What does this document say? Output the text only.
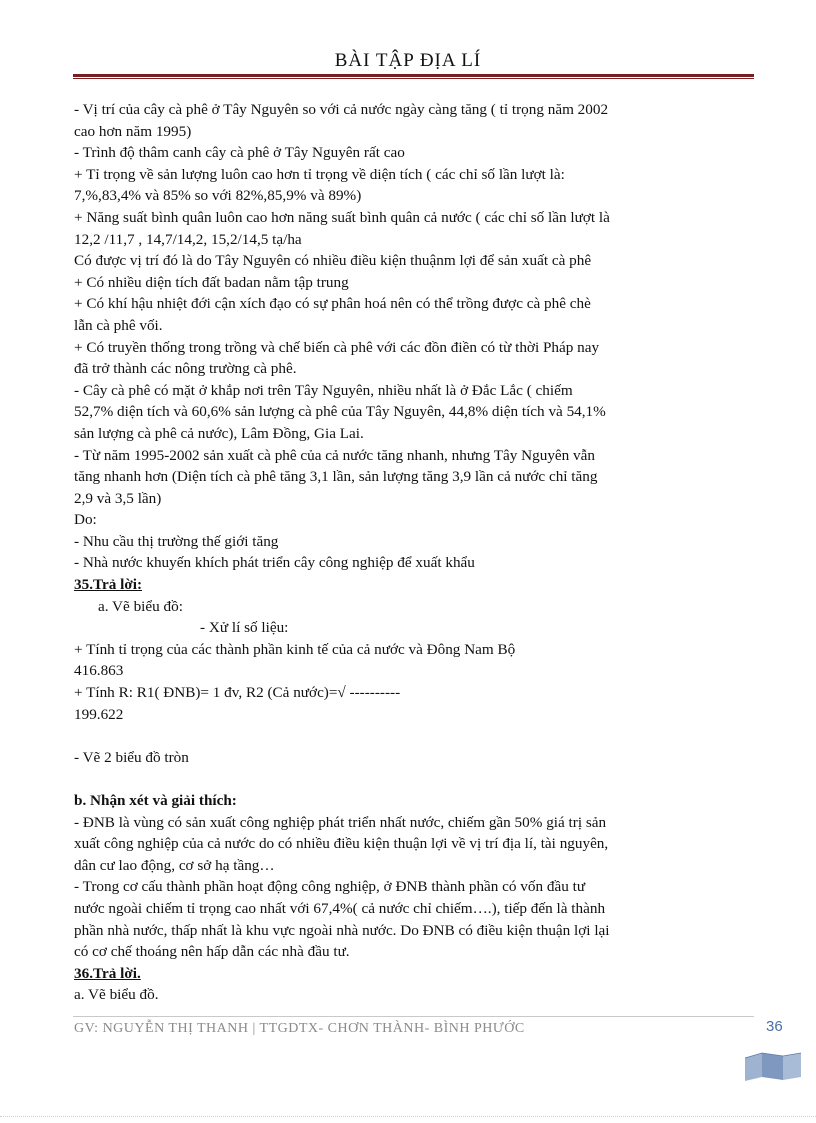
BÀI TẬP ĐỊA LÍ
- Vị trí của cây cà phê ở Tây Nguyên so với cả nước ngày càng tăng ( tỉ trọng năm 2002
cao hơn năm 1995)
- Trình độ thâm canh cây cà phê ở Tây Nguyên rất cao
+ Tỉ trọng về sản lượng luôn cao hơn tỉ trọng về diện tích ( các chỉ số lần lượt là:
7,%,83,4% và 85% so với 82%,85,9% và 89%)
+ Năng suất bình quân luôn cao hơn năng suất bình quân cả nước ( các chỉ số lần lượt là
12,2 /11,7 , 14,7/14,2, 15,2/14,5 tạ/ha
Có được vị trí đó là do Tây Nguyên có nhiều điều kiện thuậnm lợi để sản xuất cà phê
+ Có nhiều diện tích đất badan nằm tập trung
+ Có khí hậu nhiệt đới cận xích đạo có sự phân hoá nên có thể trồng được cà phê chè
lẫn cà phê vối.
+ Có truyền thống trong trồng và chế biến cà phê với các đồn điền có từ thời Pháp nay
đã trở thành các nông trường cà phê.
- Cây cà phê có mặt ở khắp nơi trên Tây Nguyên, nhiều nhất là ở Đắc Lắc ( chiếm
52,7% diện tích và 60,6% sản lượng cà phê của Tây Nguyên, 44,8% diện tích và 54,1%
sản lượng cà phê cả nước), Lâm Đồng, Gia Lai.
- Từ năm 1995-2002 sản xuất cà phê của cả nước tăng nhanh, nhưng Tây Nguyên vẫn
tăng nhanh hơn (Diện tích cà phê tăng 3,1 lần, sản lượng tăng 3,9 lần cả nước chỉ tăng
2,9 và 3,5 lần)
Do:
- Nhu cầu thị trường thế giới tăng
- Nhà nước khuyến khích phát triển cây công nghiệp để xuất khẩu
35.Trả lời:
a. Vẽ biểu đồ:
- Xử lí số liệu:
+ Tính tỉ trọng của các thành phần kinh tế của cả nước và Đông Nam Bộ
416.863
+ Tính R: R1( ĐNB)= 1 đv, R2 (Cả nước)=√ ----------
199.622
- Vẽ 2 biểu đồ tròn
b. Nhận xét và giải thích:
- ĐNB là vùng có sản xuất công nghiệp phát triển nhất nước, chiếm gần 50% giá trị sản
xuất công nghiệp của cả nước do có nhiều điều kiện thuận lợi về vị trí địa lí, tài nguyên,
dân cư lao động, cơ sở hạ tầng…
- Trong cơ cấu thành phần hoạt động công nghiệp, ở ĐNB thành phần có vốn đầu tư
nước ngoài chiếm tỉ trọng cao nhất với 67,4%( cả nước chỉ chiếm….), tiếp đến là thành
phần nhà nước, thấp nhất là khu vực ngoài nhà nước. Do ĐNB có điều kiện thuận lợi lại
có cơ chế thoáng nên hấp dẫn các nhà đầu tư.
36.Trả lời.
a. Vẽ biểu đồ.
GV: NGUYỄN THỊ THANH | TTGDTX- CHƠN THÀNH- BÌNH PHƯỚC	36
